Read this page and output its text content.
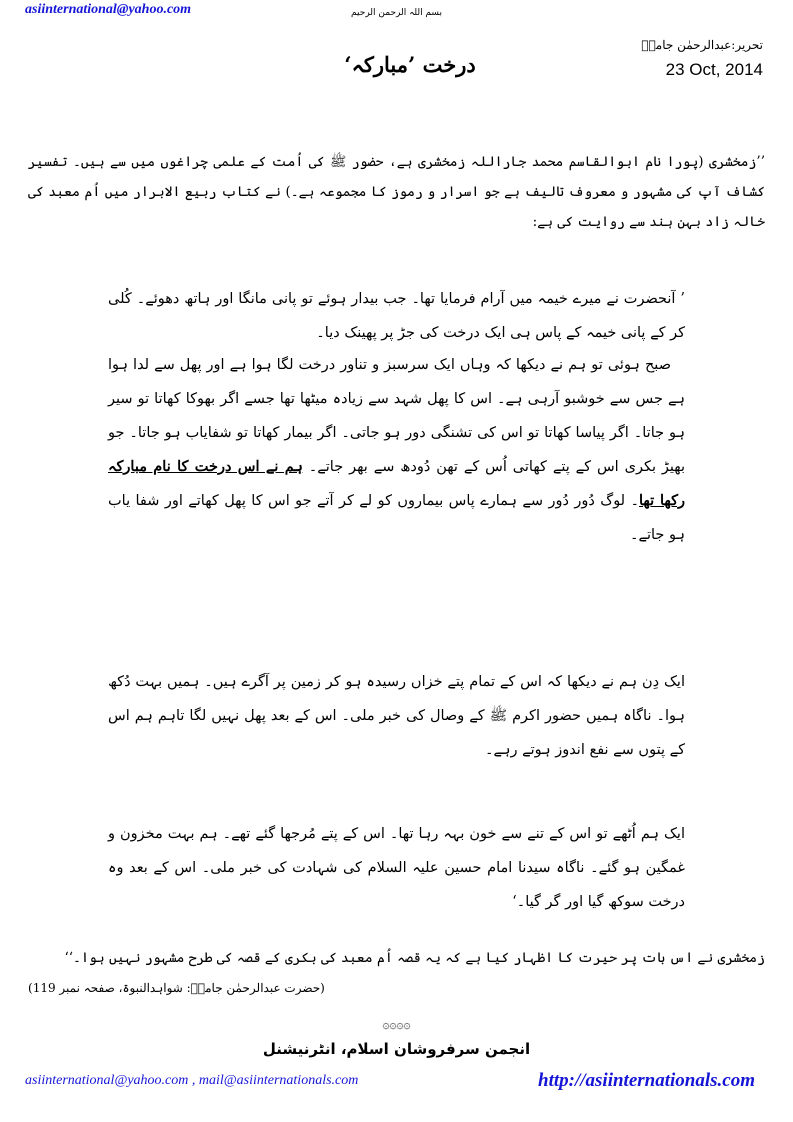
asiinternational@yahoo.com	بسم اللہ الرحمن الرحیم
درخت ’مبارکہ‘
تحریر:عبدالرحمٰن جامیؒ
23 Oct, 2014
’’زمخشری (پورا نام ابوالقاسم محمد جاراللہ زمخشری ہے، حضور ﷺ کی اُمت کے علمی چراغوں میں سے ہیں۔ تفسیر کشاف آپ کی مشہور و معروف تالیف ہے جو اسرار و رموز کا مجموعہ ہے۔) نے کتاب ربیع الابرار میں اُم معبد کی خالہ زاد بہن ہند سے روایت کی ہے:
’ آنحضرت نے میرے خیمہ میں آرام فرمایا تھا۔ جب بیدار ہوئے تو پانی مانگا اور ہاتھ دھوئے۔ کُلی کر کے پانی خیمہ کے پاس ہی ایک درخت کی جڑ پر پھینک دیا۔
صبح ہوئی تو ہم نے دیکھا کہ وہاں ایک سرسبز و تناور درخت لگا ہوا ہے اور پھل سے لدا ہوا ہے جس سے خوشبو آرہی ہے۔ اس کا پھل شہد سے زیادہ میٹھا تھا جسے اگر بھوکا کھاتا تو سیر ہو جاتا۔ اگر پیاسا کھاتا تو اس کی تشنگی دور ہو جاتی۔ اگر بیمار کھاتا تو شفایاب ہو جاتا۔ جو بھیڑ بکری اس کے پتے کھاتی اُس کے تھن دُودھ سے بھر جاتے۔ ہم نے اس درخت کا نام مبارکہ رکھا تھا۔ لوگ دُور دُور سے ہمارے پاس بیماروں کو لے کر آتے جو اس کا پھل کھاتے اور شفا یاب ہو جاتے۔
ایک دِن ہم نے دیکھا کہ اس کے تمام پتے خزاں رسیدہ ہو کر زمین پر آگرے ہیں۔ ہمیں بہت دُکھ ہوا۔ ناگاہ ہمیں حضور اکرم ﷺ کے وصال کی خبر ملی۔ اس کے بعد پھل نہیں لگا تاہم ہم اس کے پتوں سے نفع اندوز ہوتے رہے۔
ایک ہم اُٹھے تو اس کے تنے سے خون بہہ رہا تھا۔ اس کے پتے مُرجھا گئے تھے۔ ہم بہت مخزون و غمگین ہو گئے۔ ناگاہ سیدنا امام حسین علیہ السلام کی شہادت کی خبر ملی۔ اس کے بعد وہ درخت سوکھ گیا اور گر گیا۔‘
زمخشری نے اس بات پر حیرت کا اظہار کیا ہے کہ یہ قصہ اُم معبد کی بکری کے قصہ کی طرح مشہور نہیں ہوا۔‘‘
(حضرت عبدالرحمٰن جامیؒ: شواہدالنبوۃ، صفحہ نمبر 119)
۞۞۞۞
انجمن سرفروشان اسلام، انٹرنیشنل
asiinternational@yahoo.com , mail@asiinternationals.com	http://asiinternationals.com
